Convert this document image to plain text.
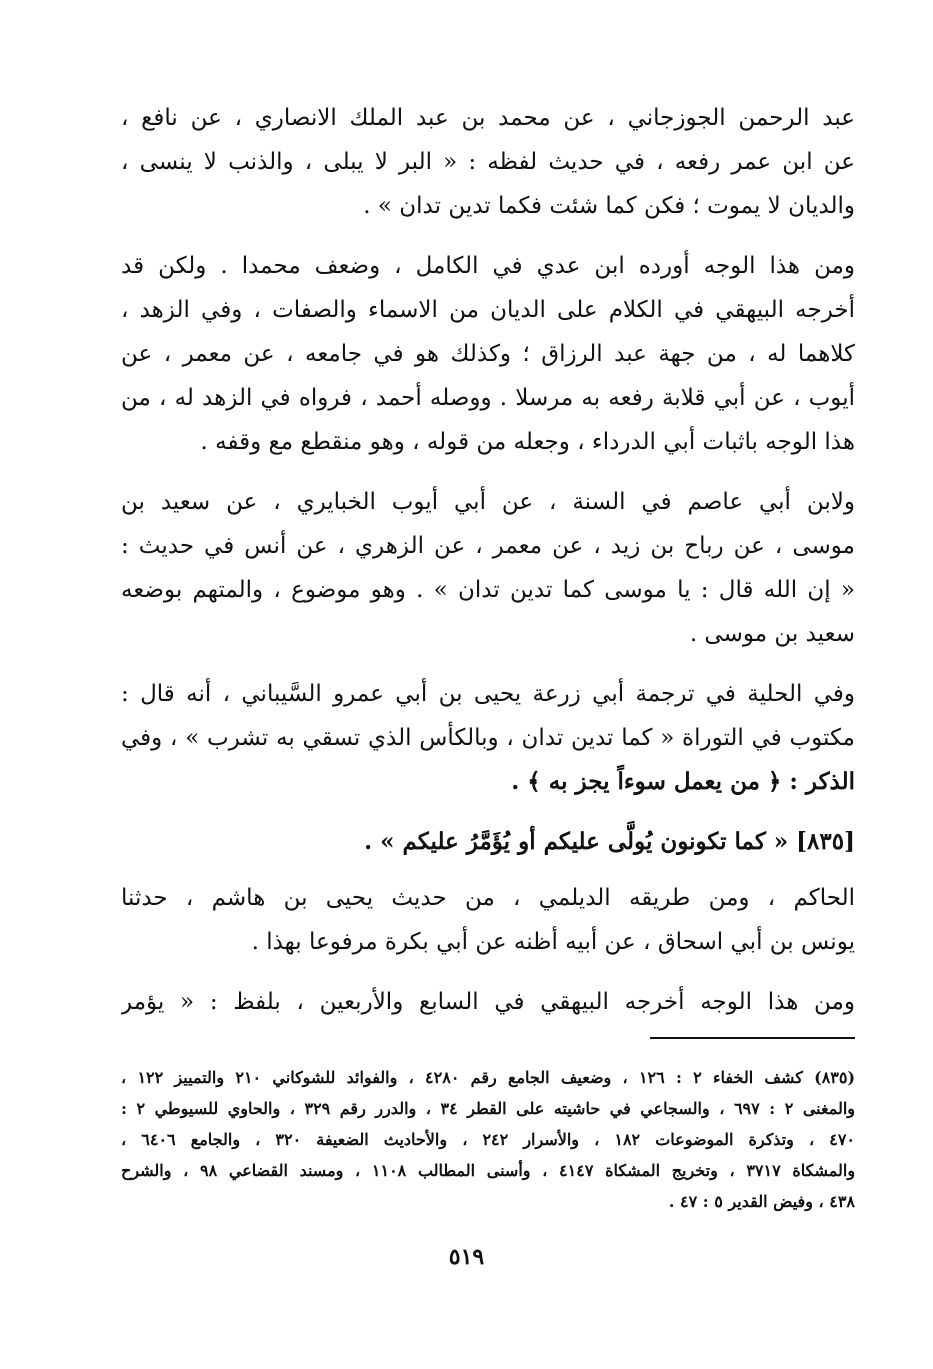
عبد الرحمن الجوزجاني ، عن محمد بن عبد الملك الانصاري ، عن نافع ،
عن ابن عمر رفعه ، في حديث لفظه : « البر لا يبلى ، والذنب لا ينسى ،
والديان لا يموت ؛ فكن كما شئت فكما تدين تدان » .

ومن هذا الوجه أورده ابن عدي في الكامل ، وضعف محمدا . ولكن قد
أخرجه البيهقي في الكلام على الديان من الاسماء والصفات ، وفي الزهد ،
كلاهما له ، من جهة عبد الرزاق ؛ وكذلك هو في جامعه ، عن معمر ، عن
أيوب ، عن أبي قلابة رفعه به مرسلا . ووصله أحمد ، فرواه في الزهد له ، من
هذا الوجه باثبات أبي الدرداء ، وجعله من قوله ، وهو منقطع مع وقفه .

ولابن أبي عاصم في السنة ، عن أبي أيوب الخبايري ، عن سعيد بن
موسى ، عن رباح بن زيد ، عن معمر ، عن الزهري ، عن أنس في حديث :
« إن الله قال : يا موسى كما تدين تدان » . وهو موضوع ، والمتهم بوضعه
سعيد بن موسى .

وفي الحلية في ترجمة أبي زرعة يحيى بن أبي عمرو السَّيباني ، أنه قال :
مكتوب في التوراة « كما تدين تدان ، وبالكأس الذي تسقي به تشرب » ، وفي
الذكر : ﴿ من يعمل سوءاً يجز به ﴾ .

[٨٣٥] « كما تكونون يُولَّى عليكم أو يُؤَمَّرُ عليكم » .

الحاكم ، ومن طريقه الديلمي ، من حديث يحيى بن هاشم ، حدثنا
يونس بن أبي اسحاق ، عن أبيه أظنه عن أبي بكرة مرفوعا بهذا .

ومن هذا الوجه أخرجه البيهقي في السابع والأربعين ، بلفظ : « يؤمر

(٨٣٥) كشف الخفاء ٢ : ١٢٦ ، وضعيف الجامع رقم ٤٢٨٠ ، والفوائد للشوكاني ٢١٠ والتمييز ١٢٢ ،
والمغنى ٢ : ٦٩٧ ، والسجاعي في حاشيته على القطر ٣٤ ، والدرر رقم ٣٢٩ ، والحاوي للسيوطي ٢ :
٤٧٠ ، وتذكرة الموضوعات ١٨٢ ، والأسرار ٢٤٢ ، والأحاديث الضعيفة ٣٢٠ ، والجامع ٦٤٠٦ ،
والمشكاة ٣٧١٧ ، وتخريج المشكاة ٤١٤٧ ، وأسنى المطالب ١١٠٨ ، ومسند القضاعي ٩٨ ، والشرح
٤٣٨ ، وفيض القدير ٥ : ٤٧ .
٥١٩
